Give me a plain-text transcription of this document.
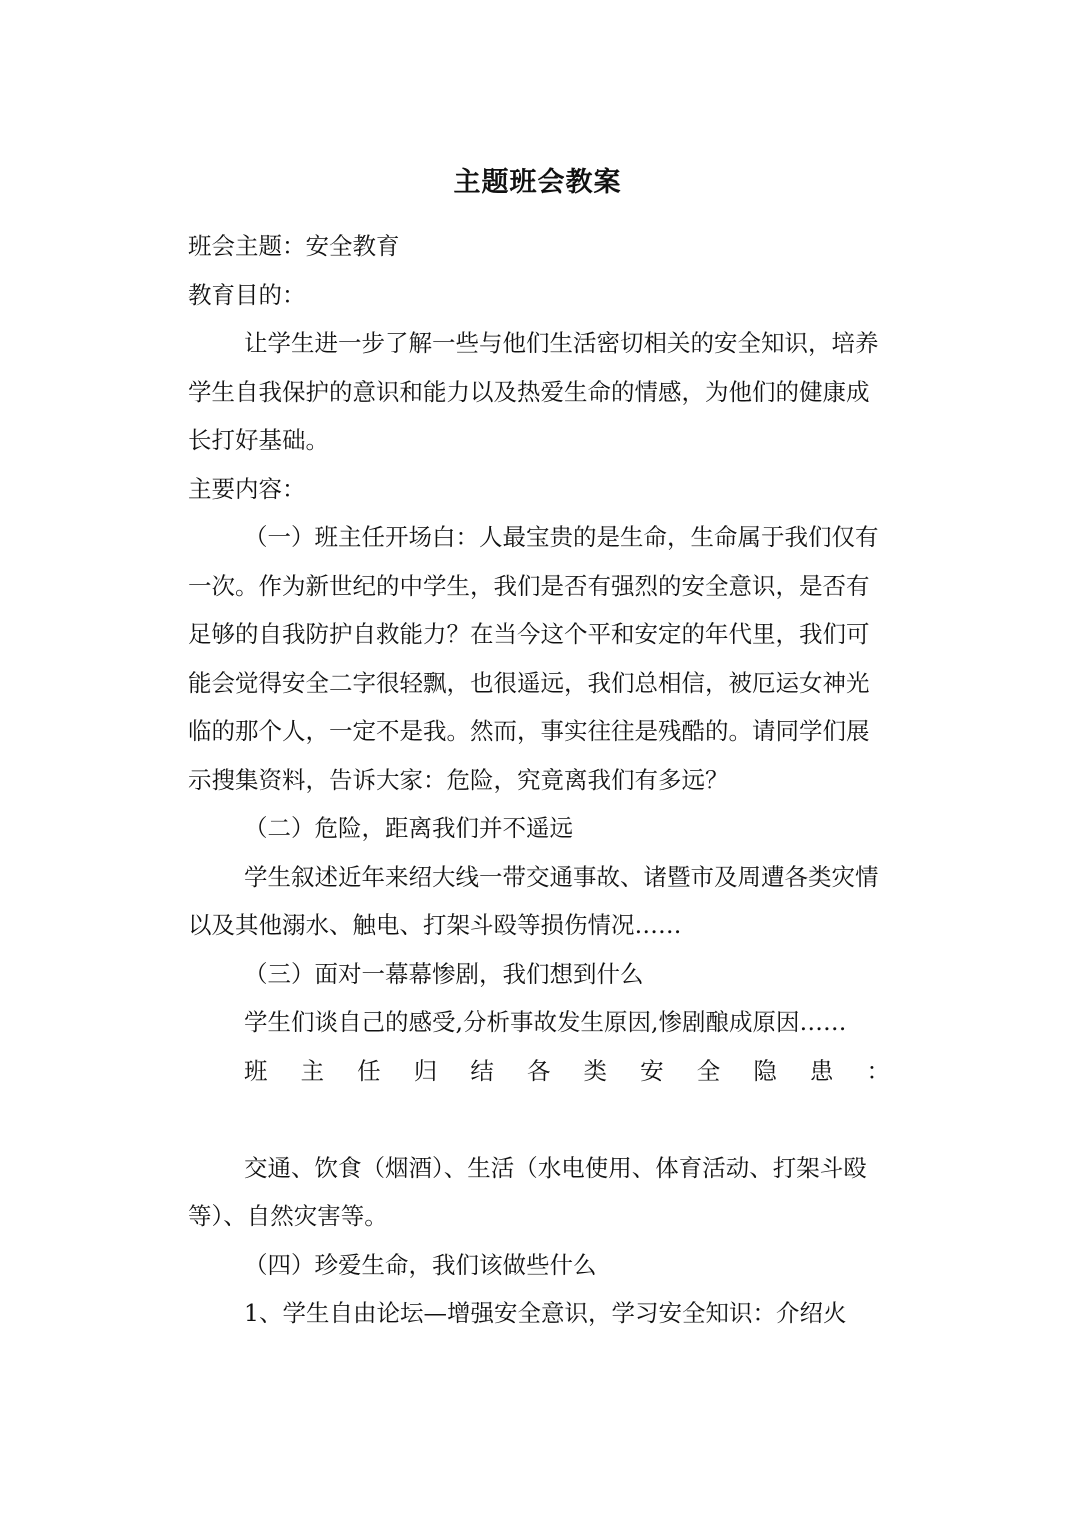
主题班会教案

班会主题：安全教育

教育目的：

让学生进一步了解一些与他们生活密切相关的安全知识，培养学生自我保护的意识和能力以及热爱生命的情感，为他们的健康成长打好基础。

主要内容：

（一）班主任开场白：人最宝贵的是生命，生命属于我们仅有一次。作为新世纪的中学生，我们是否有强烈的安全意识，是否有足够的自我防护自救能力？在当今这个平和安定的年代里，我们可能会觉得安全二字很轻飘，也很遥远，我们总相信，被厄运女神光临的那个人，一定不是我。然而，事实往往是残酷的。请同学们展示搜集资料，告诉大家：危险，究竟离我们有多远？

（二）危险，距离我们并不遥远

学生叙述近年来绍大线一带交通事故、诸暨市及周遭各类灾情以及其他溺水、触电、打架斗殴等损伤情况……

（三）面对一幕幕惨剧，我们想到什么

学生们谈自己的感受,分析事故发生原因,惨剧酿成原因……

班主任归结各类安全隐患：

交通、饮食（烟酒）、生活（水电使用、体育活动、打架斗殴等）、自然灾害等。

（四）珍爱生命，我们该做些什么

1、学生自由论坛—增强安全意识，学习安全知识：介绍火
